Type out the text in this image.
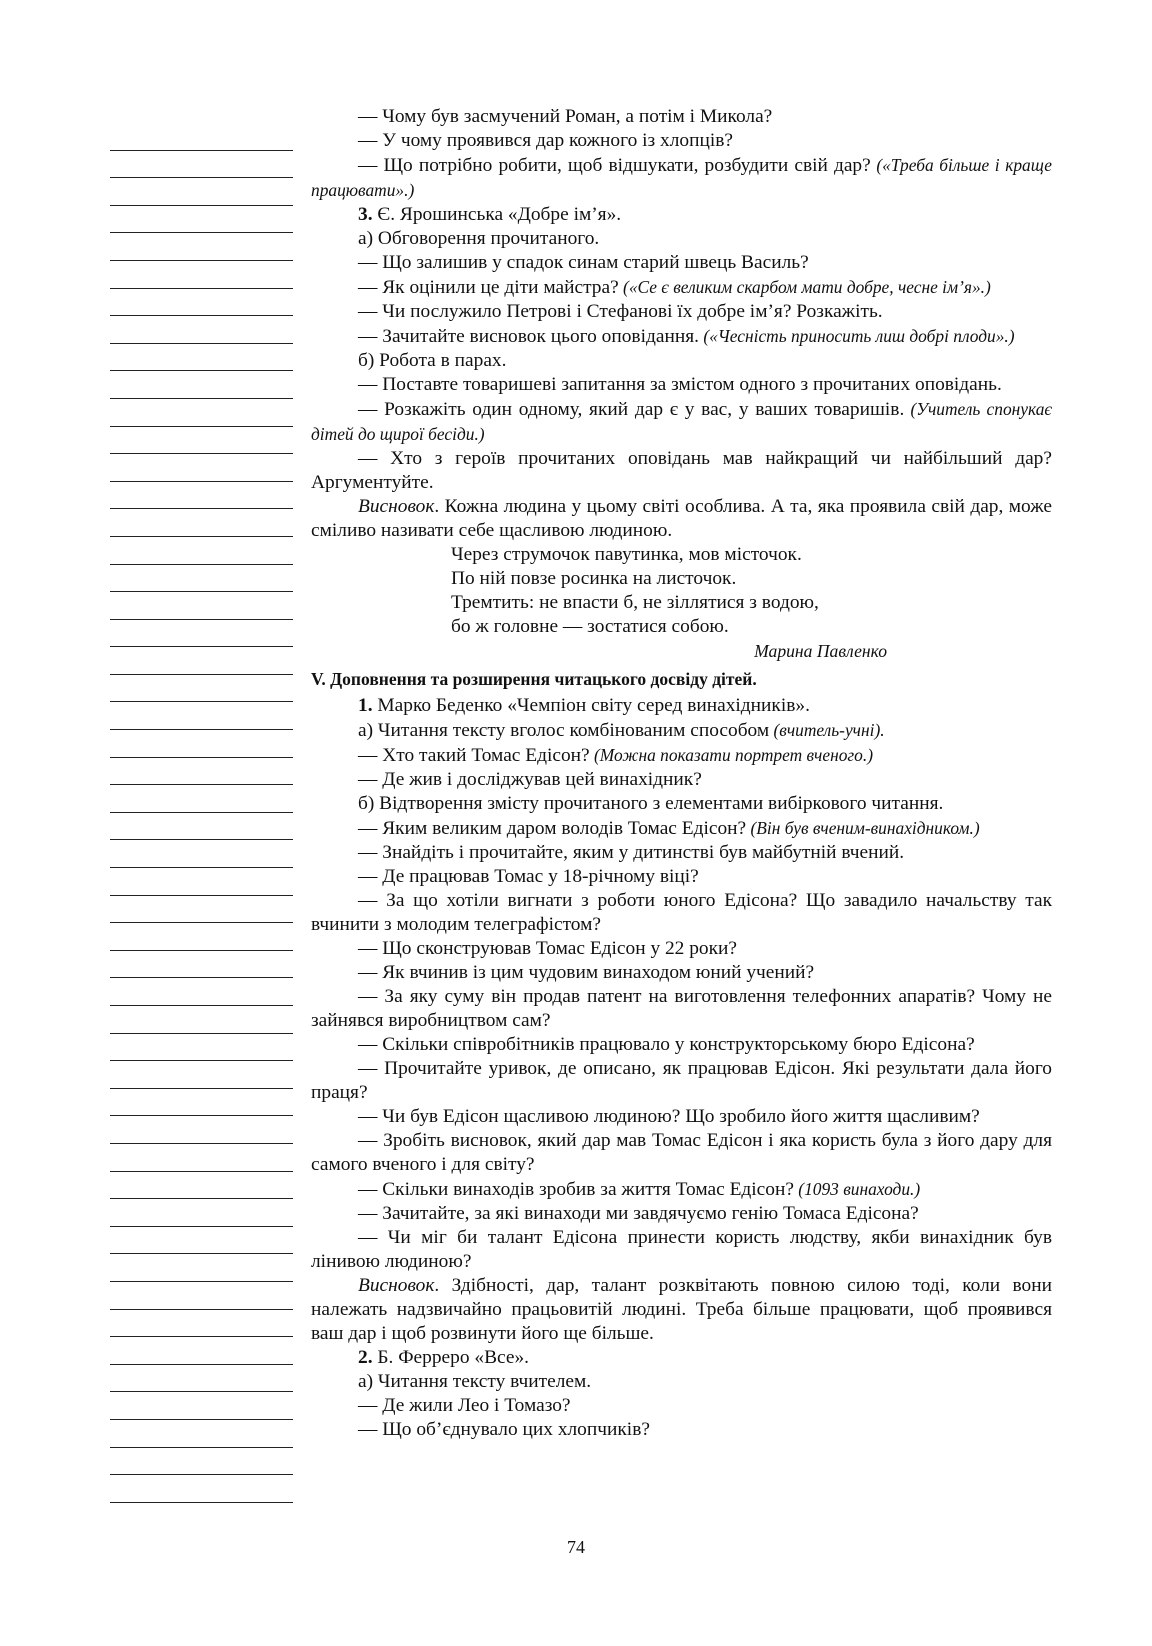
— Чому був засмучений Роман, а потім і Микола?

— У чому проявився дар кожного із хлопців?

— Що потрібно робити, щоб відшукати, розбудити свій дар? («Треба більше і краще працювати».)

3. Є. Ярошинська «Добре ім’я».

а) Обговорення прочитаного.

— Що залишив у спадок синам старий швець Василь?

— Як оцінили це діти майстра? («Се є великим скарбом мати добре, чесне ім’я».)

— Чи послужило Петрові і Стефанові їх добре ім’я? Розкажіть.

— Зачитайте висновок цього оповідання. («Чесність приносить лиш добрі плоди».)

б) Робота в парах.

— Поставте товаришеві запитання за змістом одного з прочитаних оповідань.

— Розкажіть один одному, який дар є у вас, у ваших товаришів. (Учитель спонукає дітей до щирої бесіди.)

— Хто з героїв прочитаних оповідань мав найкращий чи найбільший дар? Аргументуйте.

Висновок. Кожна людина у цьому світі особлива. А та, яка проявила свій дар, може сміливо називати себе щасливою людиною.

Через струмочок павутинка, мов місточок.

По ній повзе росинка на листочок.

Тремтить: не впасти б, не зіллятися з водою,

бо ж головне — зостатися собою.

Марина Павленко

V. Доповнення та розширення читацького досвіду дітей.

1. Марко Беденко «Чемпіон світу серед винахідників».

а) Читання тексту вголос комбінованим способом (вчитель-учні).

— Хто такий Томас Едісон? (Можна показати портрет вченого.)

— Де жив і досліджував цей винахідник?

б) Відтворення змісту прочитаного з елементами вибіркового читання.

— Яким великим даром володів Томас Едісон? (Він був вченим-винахідником.)

— Знайдіть і прочитайте, яким у дитинстві був майбутній вчений.

— Де працював Томас у 18-річному віці?

— За що хотіли вигнати з роботи юного Едісона? Що завадило начальству так вчинити з молодим телеграфістом?

— Що сконструював Томас Едісон у 22 роки?

— Як вчинив із цим чудовим винаходом юний учений?

— За яку суму він продав патент на виготовлення телефонних апаратів? Чому не зайнявся виробництвом сам?

— Скільки співробітників працювало у конструкторському бюро Едісона?

— Прочитайте уривок, де описано, як працював Едісон. Які результати дала його праця?

— Чи був Едісон щасливою людиною? Що зробило його життя щасливим?

— Зробіть висновок, який дар мав Томас Едісон і яка користь була з його дару для самого вченого і для світу?

— Скільки винаходів зробив за життя Томас Едісон? (1093 винаходи.)

— Зачитайте, за які винаходи ми завдячуємо генію Томаса Едісона?

— Чи міг би талант Едісона принести користь людству, якби винахідник був лінивою людиною?

Висновок. Здібності, дар, талант розквітають повною силою тоді, коли вони належать надзвичайно працьовитій людині. Треба більше працювати, щоб проявився ваш дар і щоб розвинути його ще більше.

2. Б. Ферреро «Все».

а) Читання тексту вчителем.

— Де жили Лео і Томазо?

— Що об’єднувало цих хлопчиків?

74
